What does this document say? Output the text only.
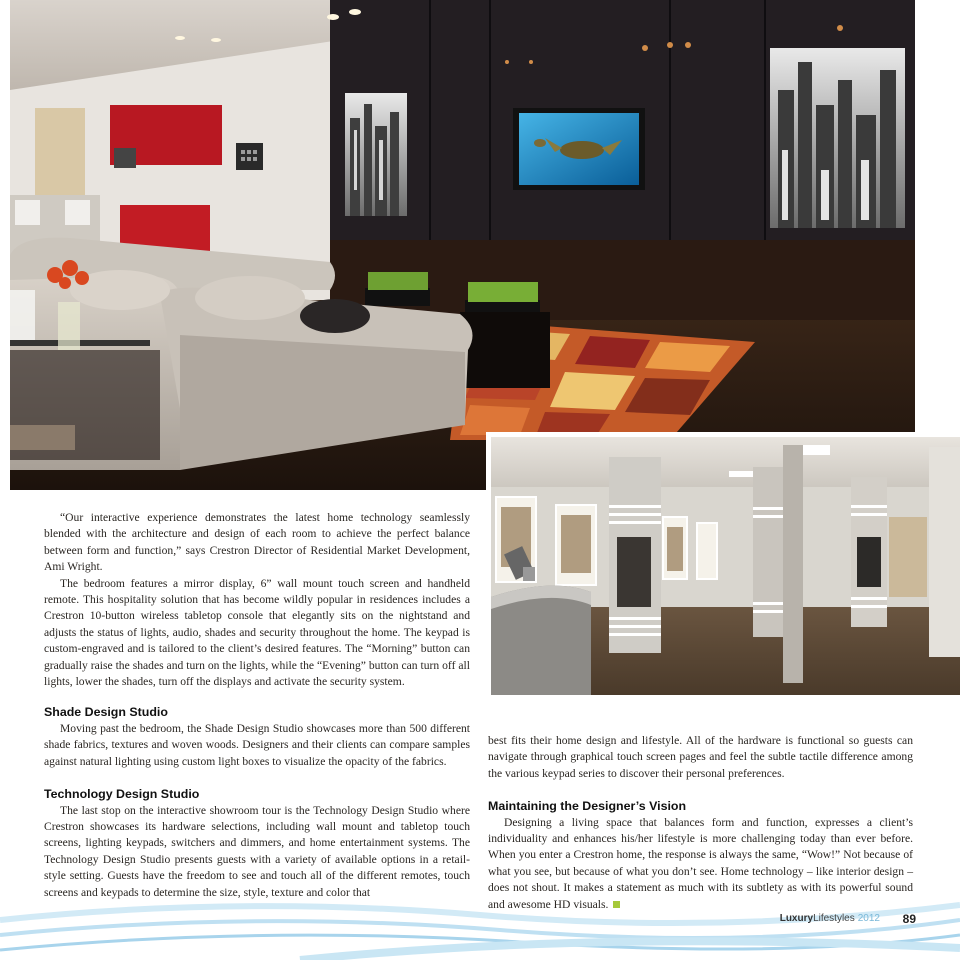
“Our interactive experience demonstrates the latest home technology seamlessly blended with the architecture and design of each room to achieve the perfect balance between form and function,” says Crestron Director of Residential Market Development, Ami Wright.

The bedroom features a mirror display, 6” wall mount touch screen and handheld remote. This hospitality solution that has become wildly popular in residences includes a Crestron 10-button wireless tabletop console that elegantly sits on the nightstand and adjusts the status of lights, audio, shades and security throughout the home. The keypad is custom-engraved and is tailored to the client’s desired features. The “Morning” button can gradually raise the shades and turn on the lights, while the “Evening” button can turn off all lights, lower the shades, turn off the displays and activate the security system.

Shade Design Studio

Moving past the bedroom, the Shade Design Studio showcases more than 500 different shade fabrics, textures and woven woods. Designers and their clients can compare samples against natural lighting using custom light boxes to visualize the opacity of the fabrics.

Technology Design Studio

The last stop on the interactive showroom tour is the Technology Design Studio where Crestron showcases its hardware selections, including wall mount and tabletop touch screens, lighting keypads, switchers and dimmers, and home entertainment systems. The Technology Design Studio presents guests with a variety of available options in a retail-style setting. Guests have the freedom to see and touch all of the different remotes, touch screens and keypads to determine the size, style, texture and color that

best fits their home design and lifestyle. All of the hardware is functional so guests can navigate through graphical touch screen pages and feel the subtle tactile difference among the various keypad series to discover their personal preferences.

Maintaining the Designer’s Vision

Designing a living space that balances form and function, expresses a client’s individuality and enhances his/her lifestyle is more challenging today than ever before. When you enter a Crestron home, the response is always the same, “Wow!” Not because of what you see, but because of what you don’t see. Home technology – like interior design – does not shout. It makes a statement as much with its subtlety as with its powerful sound and awesome HD visuals.

LuxuryLifestyles 2012 89
